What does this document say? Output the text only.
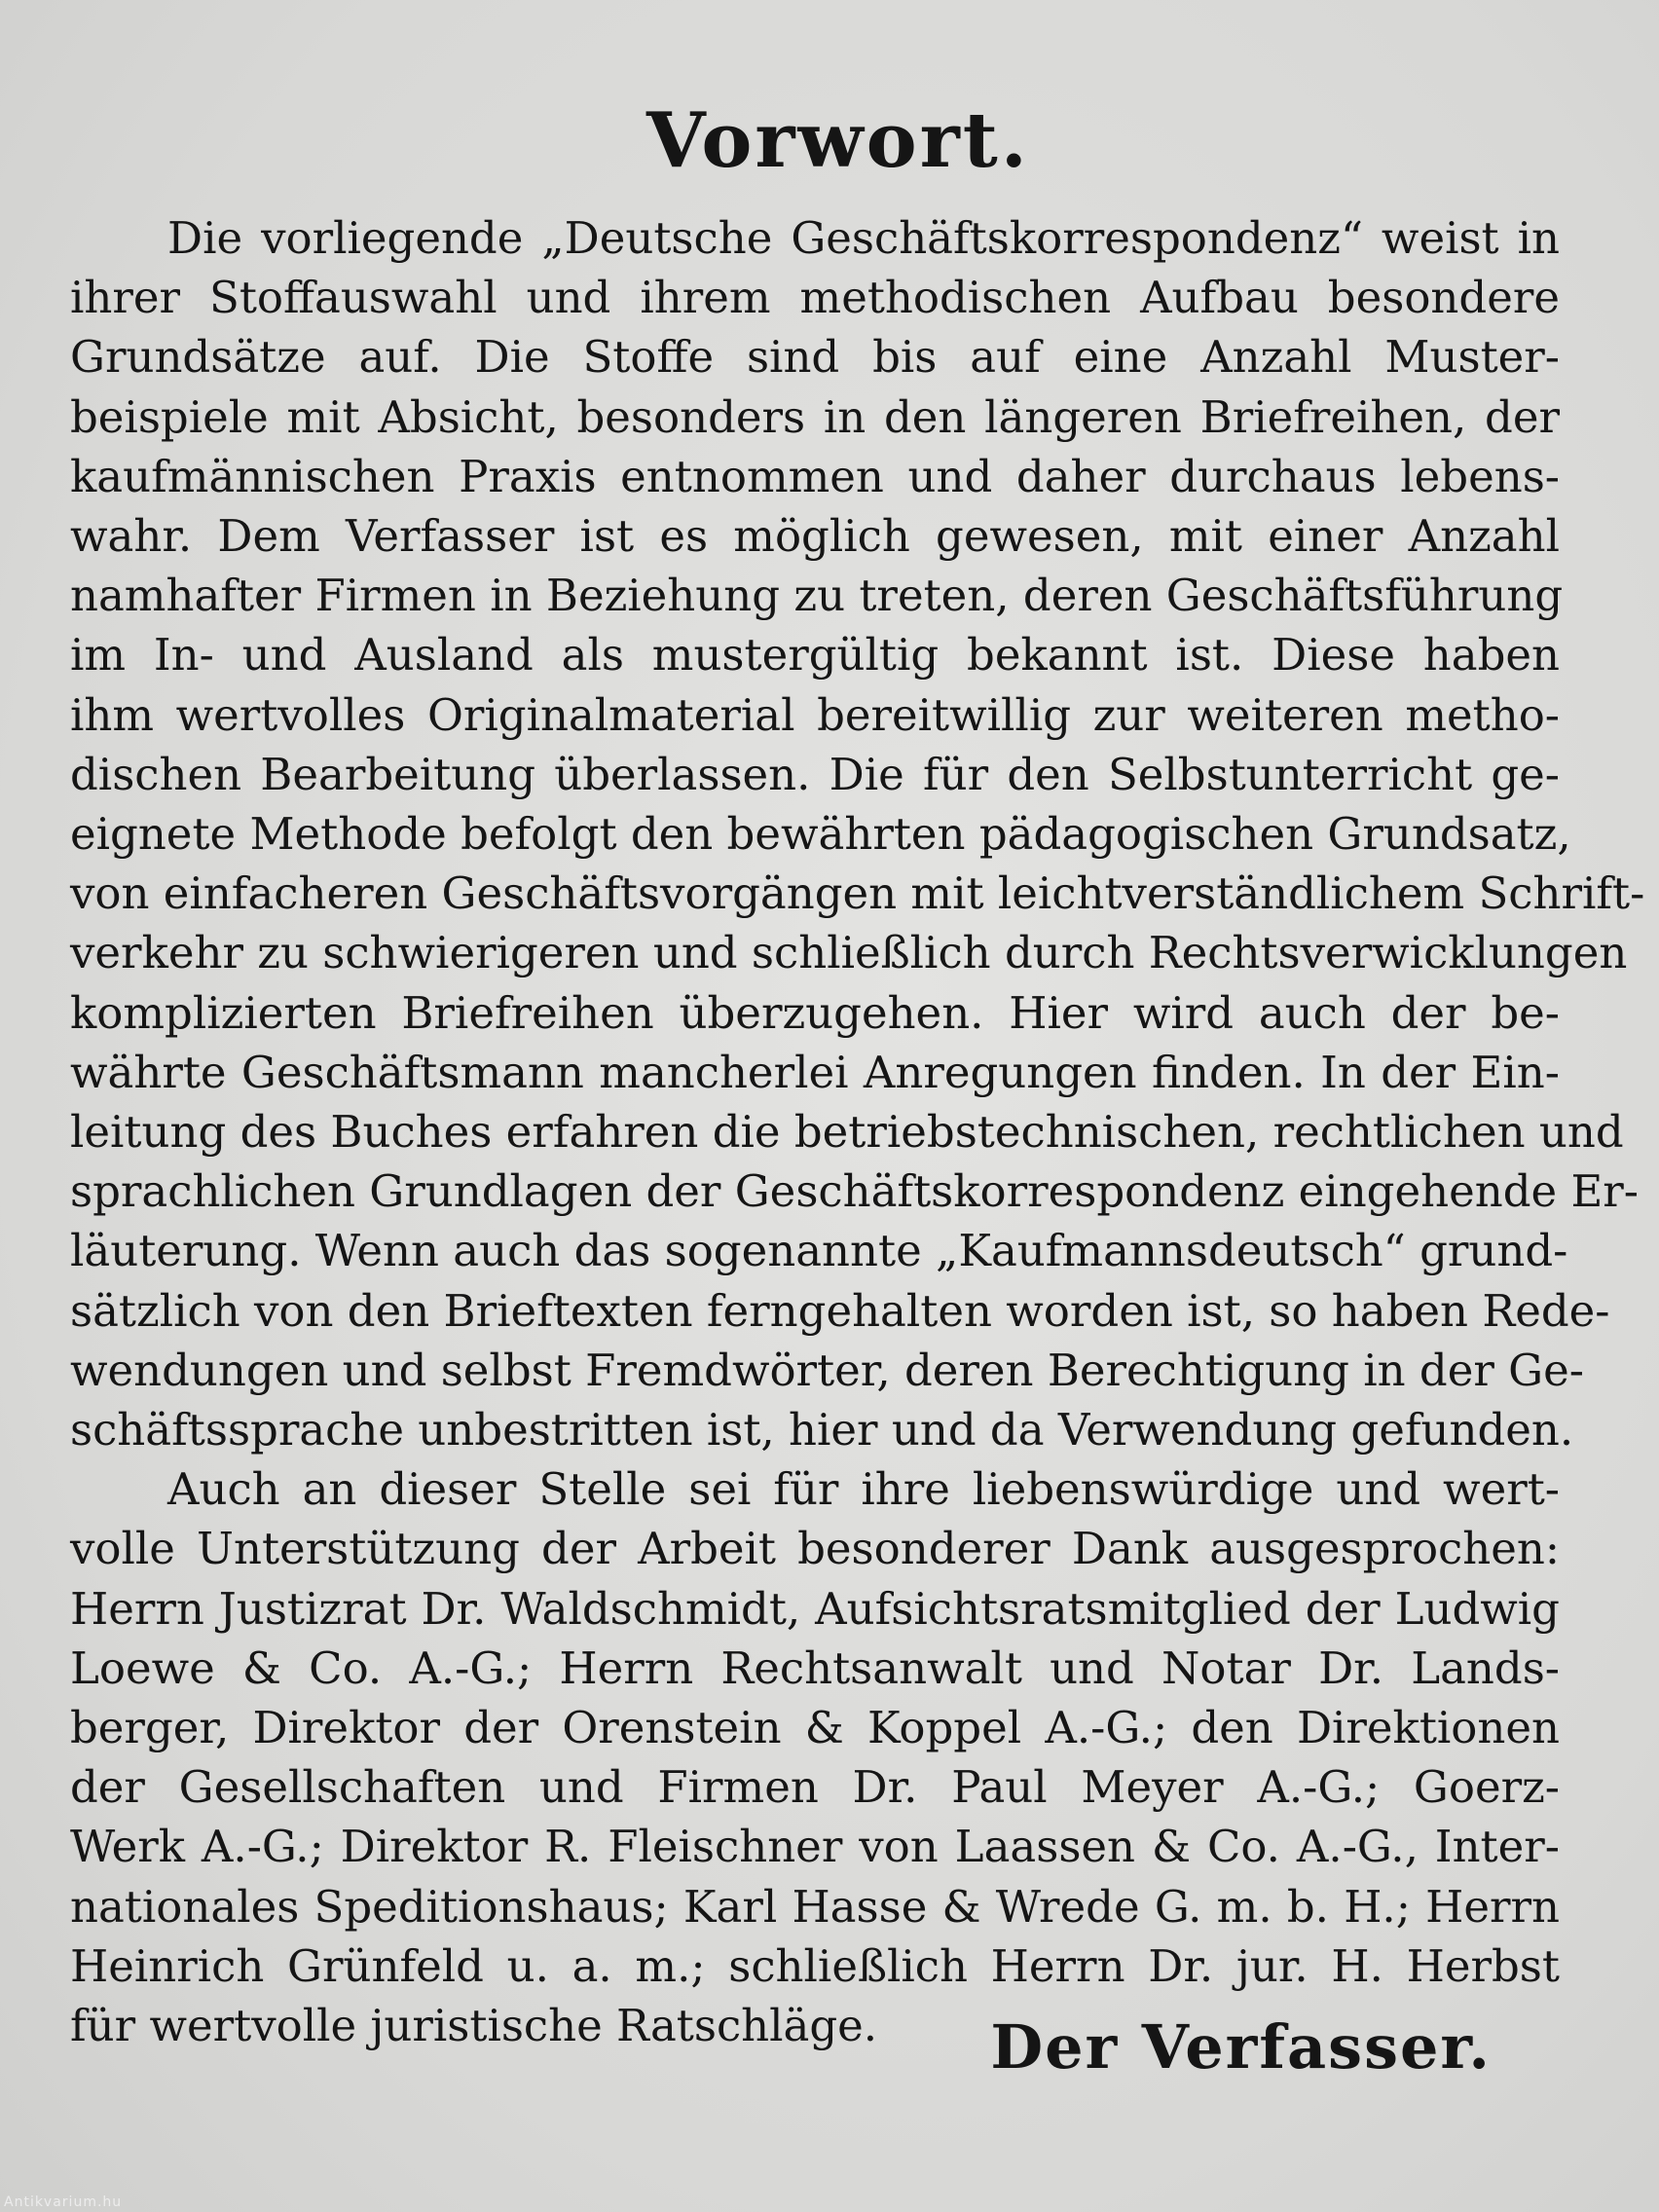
Vorwort.

Die vorliegende „Deutsche Geschäftskorrespondenz“ weist in
ihrer Stoffauswahl und ihrem methodischen Aufbau besondere
Grundsätze auf. Die Stoffe sind bis auf eine Anzahl Muster-
beispiele mit Absicht, besonders in den längeren Briefreihen, der
kaufmännischen Praxis entnommen und daher durchaus lebens-
wahr. Dem Verfasser ist es möglich gewesen, mit einer Anzahl
namhafter Firmen in Beziehung zu treten, deren Geschäftsführung
im In- und Ausland als mustergültig bekannt ist. Diese haben
ihm wertvolles Originalmaterial bereitwillig zur weiteren metho-
dischen Bearbeitung überlassen. Die für den Selbstunterricht ge-
eignete Methode befolgt den bewährten pädagogischen Grundsatz,
von einfacheren Geschäftsvorgängen mit leichtverständlichem Schrift-
verkehr zu schwierigeren und schließlich durch Rechtsverwicklungen
komplizierten Briefreihen überzugehen. Hier wird auch der be-
währte Geschäftsmann mancherlei Anregungen finden. In der Ein-
leitung des Buches erfahren die betriebstechnischen, rechtlichen und
sprachlichen Grundlagen der Geschäftskorrespondenz eingehende Er-
läuterung. Wenn auch das sogenannte „Kaufmannsdeutsch“ grund-
sätzlich von den Brieftexten ferngehalten worden ist, so haben Rede-
wendungen und selbst Fremdwörter, deren Berechtigung in der Ge-
schäftssprache unbestritten ist, hier und da Verwendung gefunden.

Auch an dieser Stelle sei für ihre liebenswürdige und wert-
volle Unterstützung der Arbeit besonderer Dank ausgesprochen:
Herrn Justizrat Dr. Waldschmidt, Aufsichtsratsmitglied der Ludwig
Loewe & Co. A.-G.; Herrn Rechtsanwalt und Notar Dr. Lands-
berger, Direktor der Orenstein & Koppel A.-G.; den Direktionen
der Gesellschaften und Firmen Dr. Paul Meyer A.-G.; Goerz-
Werk A.-G.; Direktor R. Fleischner von Laassen & Co. A.-G., Inter-
nationales Speditionshaus; Karl Hasse & Wrede G. m. b. H.; Herrn
Heinrich Grünfeld u. a. m.; schließlich Herrn Dr. jur. H. Herbst
für wertvolle juristische Ratschläge.	Der Verfasser.
Antikvarium.hu
